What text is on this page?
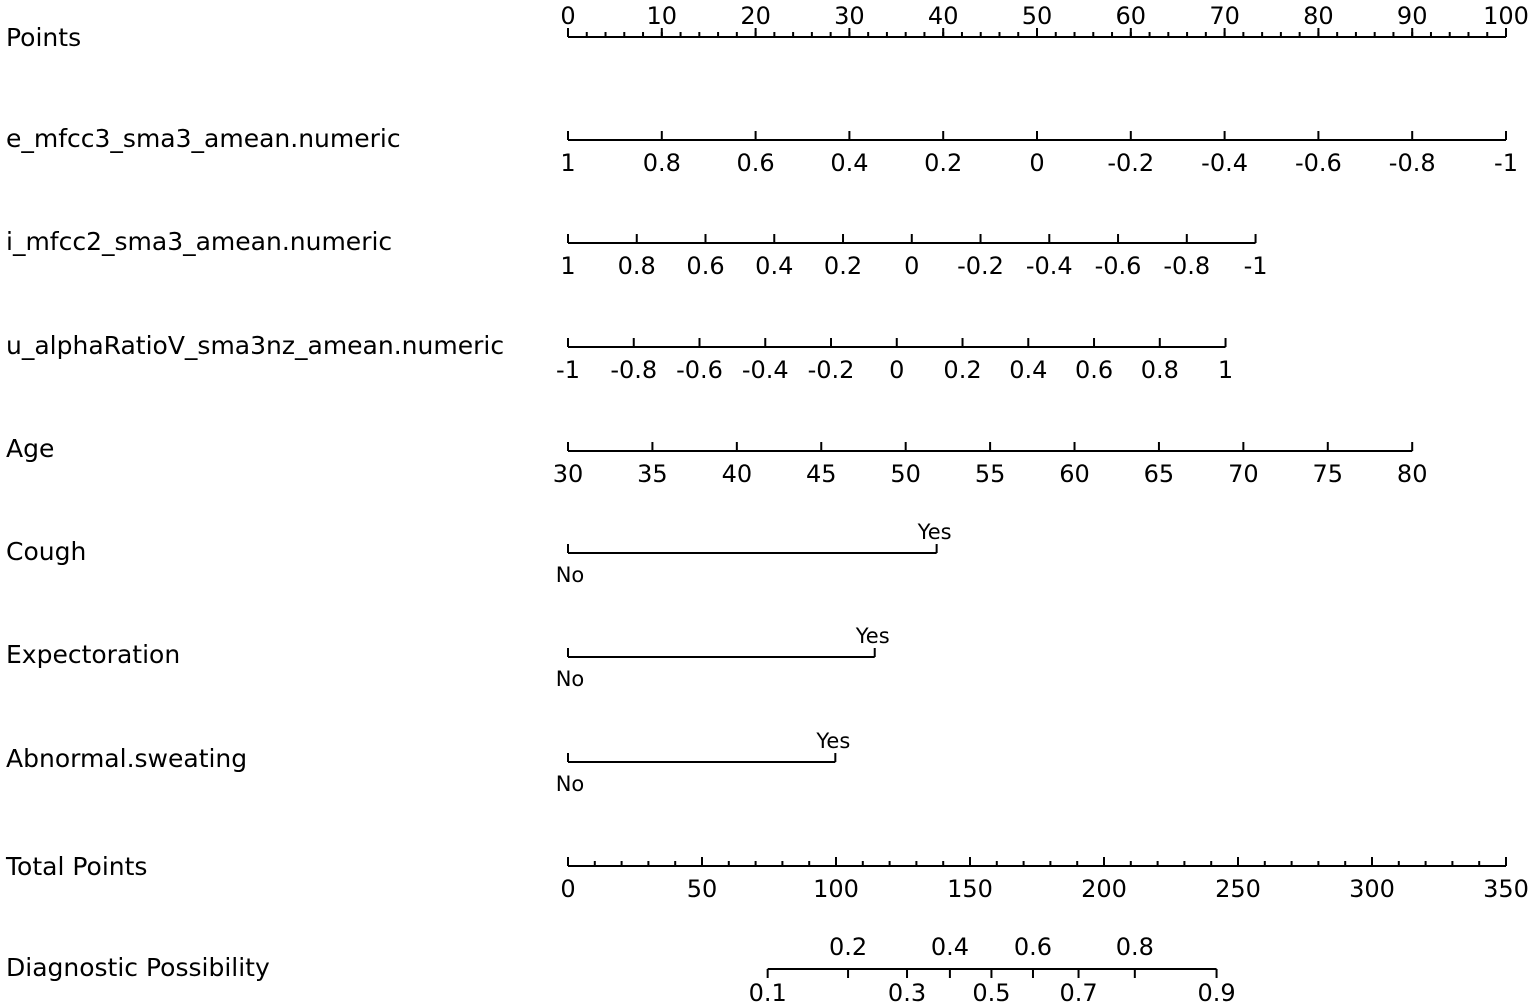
Points
0	10	20	30	40	50	60	70	80	90 100
e_mfcc3_sma3_amean.numeric
1	0.8 0.6 0.4 0.2	0	-0.2 -0.4 -0.6 -0.8 -1
i_mfcc2_sma3_amean.numeric
1 0.8 0.6 0.4 0.2 0 -0.2 -0.4 -0.6 -0.8 -1
u_alphaRatioV_sma3nz_amean.numeric
-1 -0.8 -0.6 -0.4 -0.2 0 0.2 0.4 0.6 0.8 1
Age
30 35 40 45 50 55 60 65 70 75 80
Cough
No
Yes
Expectoration
No
Yes
Abnormal.sweating
No
Yes
Total Points
0	50	100	150	200	250	300	350
Diagnostic Possibility
0.1
0.2
0.3
0.4
0.5
0.6
0.7
0.8
0.9
